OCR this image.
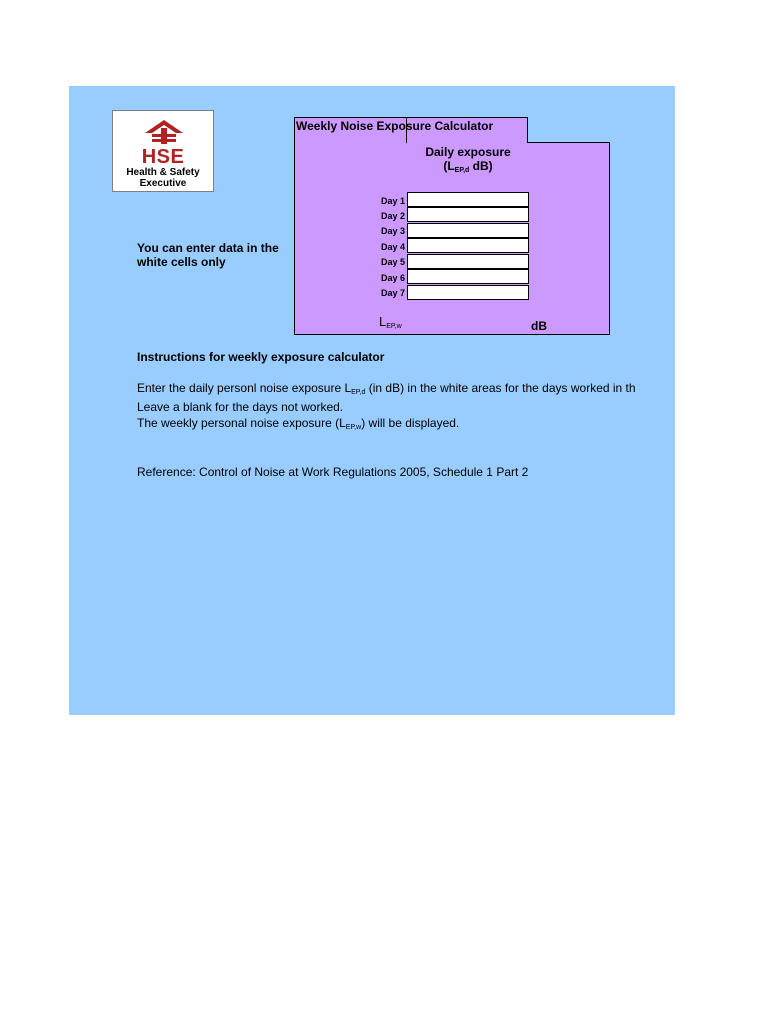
HSE
Health & Safety
Executive
You can enter data in the white cells only
Weekly Noise Exposure Calculator
Daily exposure
($L_{EP,d}$ dB)
Day 1
Day 2
Day 3
Day 4
Day 5
Day 6
Day 7
$L_{EP,w}$	dB
Instructions for weekly exposure calculator
Enter the daily personl noise exposure $L_{EP,d}$ (in dB) in the white areas for the days worked in th
Leave a blank for the days not worked.
The weekly personal noise exposure $(L_{EP,w})$ will be displayed.
Reference: Control of Noise at Work Regulations 2005, Schedule 1 Part 2
